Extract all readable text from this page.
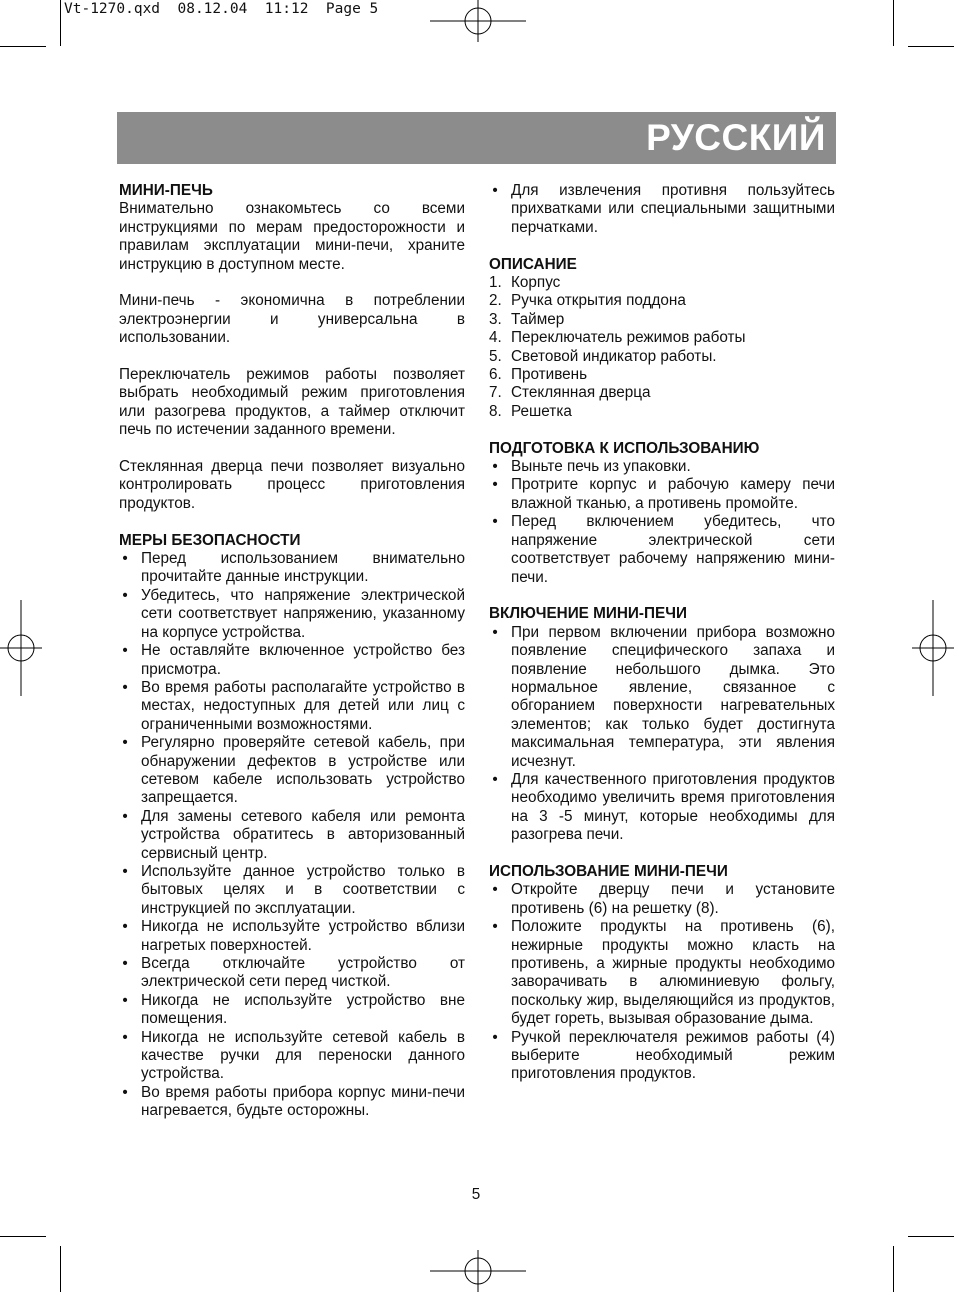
Vt-1270.qxd  08.12.04  11:12  Page 5
РУССКИЙ
МИНИ-ПЕЧЬ

Внимательно ознакомьтесь со всеми инструкциями по мерам предосторожности и правилам эксплуатации мини-печи, храните инструкцию в доступном месте.

Мини-печь - экономична в потреблении электроэнергии и универсальна в использовании.

Переключатель режимов работы позволяет выбрать необходимый режим приготовления или разогрева продуктов, а таймер отключит печь по истечении заданного времени.

Стеклянная дверца печи позволяет визуально контролировать процесс приготовления продуктов.

МЕРЫ БЕЗОПАСНОСТИ
• Перед использованием внимательно прочитайте данные инструкции.
• Убедитесь, что напряжение электрической сети соответствует напряжению, указанному на корпусе устройства.
• Не оставляйте включенное устройство без присмотра.
• Во время работы располагайте устройство в местах, недоступных для детей или лиц с ограниченными возможностями.
• Регулярно проверяйте сетевой кабель, при обнаружении дефектов в устройстве или сетевом кабеле использовать устройство запрещается.
• Для замены сетевого кабеля или ремонта устройства обратитесь в авторизованный сервисный центр.
• Используйте данное устройство только в бытовых целях и в соответствии с инструкцией по эксплуатации.
• Никогда не используйте устройство вблизи нагретых поверхностей.
• Всегда отключайте устройство от электрической сети перед чисткой.
• Никогда не используйте устройство вне помещения.
• Никогда не используйте сетевой кабель в качестве ручки для переноски данного устройства.
• Во время работы прибора корпус мини-печи нагревается, будьте осторожны.
• Для извлечения противня пользуйтесь прихватками или специальными защитными перчатками.
ОПИСАНИЕ
1. Корпус
2. Ручка открытия поддона
3. Таймер
4. Переключатель режимов работы
5. Световой индикатор работы.
6. Противень
7. Стеклянная дверца
8. Решетка
ПОДГОТОВКА К ИСПОЛЬЗОВАНИЮ
• Выньте печь из упаковки.
• Протрите корпус и рабочую камеру печи влажной тканью, а противень промойте.
• Перед включением убедитесь, что напряжение электрической сети соответствует рабочему напряжению мини-печи.
ВКЛЮЧЕНИЕ МИНИ-ПЕЧИ
• При первом включении прибора возможно появление специфического запаха и появление небольшого дымка. Это нормальное явление, связанное с обгоранием поверхности нагревательных элементов; как только будет достигнута максимальная температура, эти явления исчезнут.
• Для качественного приготовления продуктов необходимо увеличить время приготовления на 3 -5 минут, которые необходимы для разогрева печи.
ИСПОЛЬЗОВАНИЕ МИНИ-ПЕЧИ
• Откройте дверцу печи и установите противень (6) на решетку (8).
• Положите продукты на противень (6), нежирные продукты можно класть на противень, а жирные продукты необходимо заворачивать в алюминиевую фольгу, поскольку жир, выделяющийся из продуктов, будет гореть, вызывая образование дыма.
• Ручкой переключателя режимов работы (4) выберите необходимый режим приготовления продуктов.
5
